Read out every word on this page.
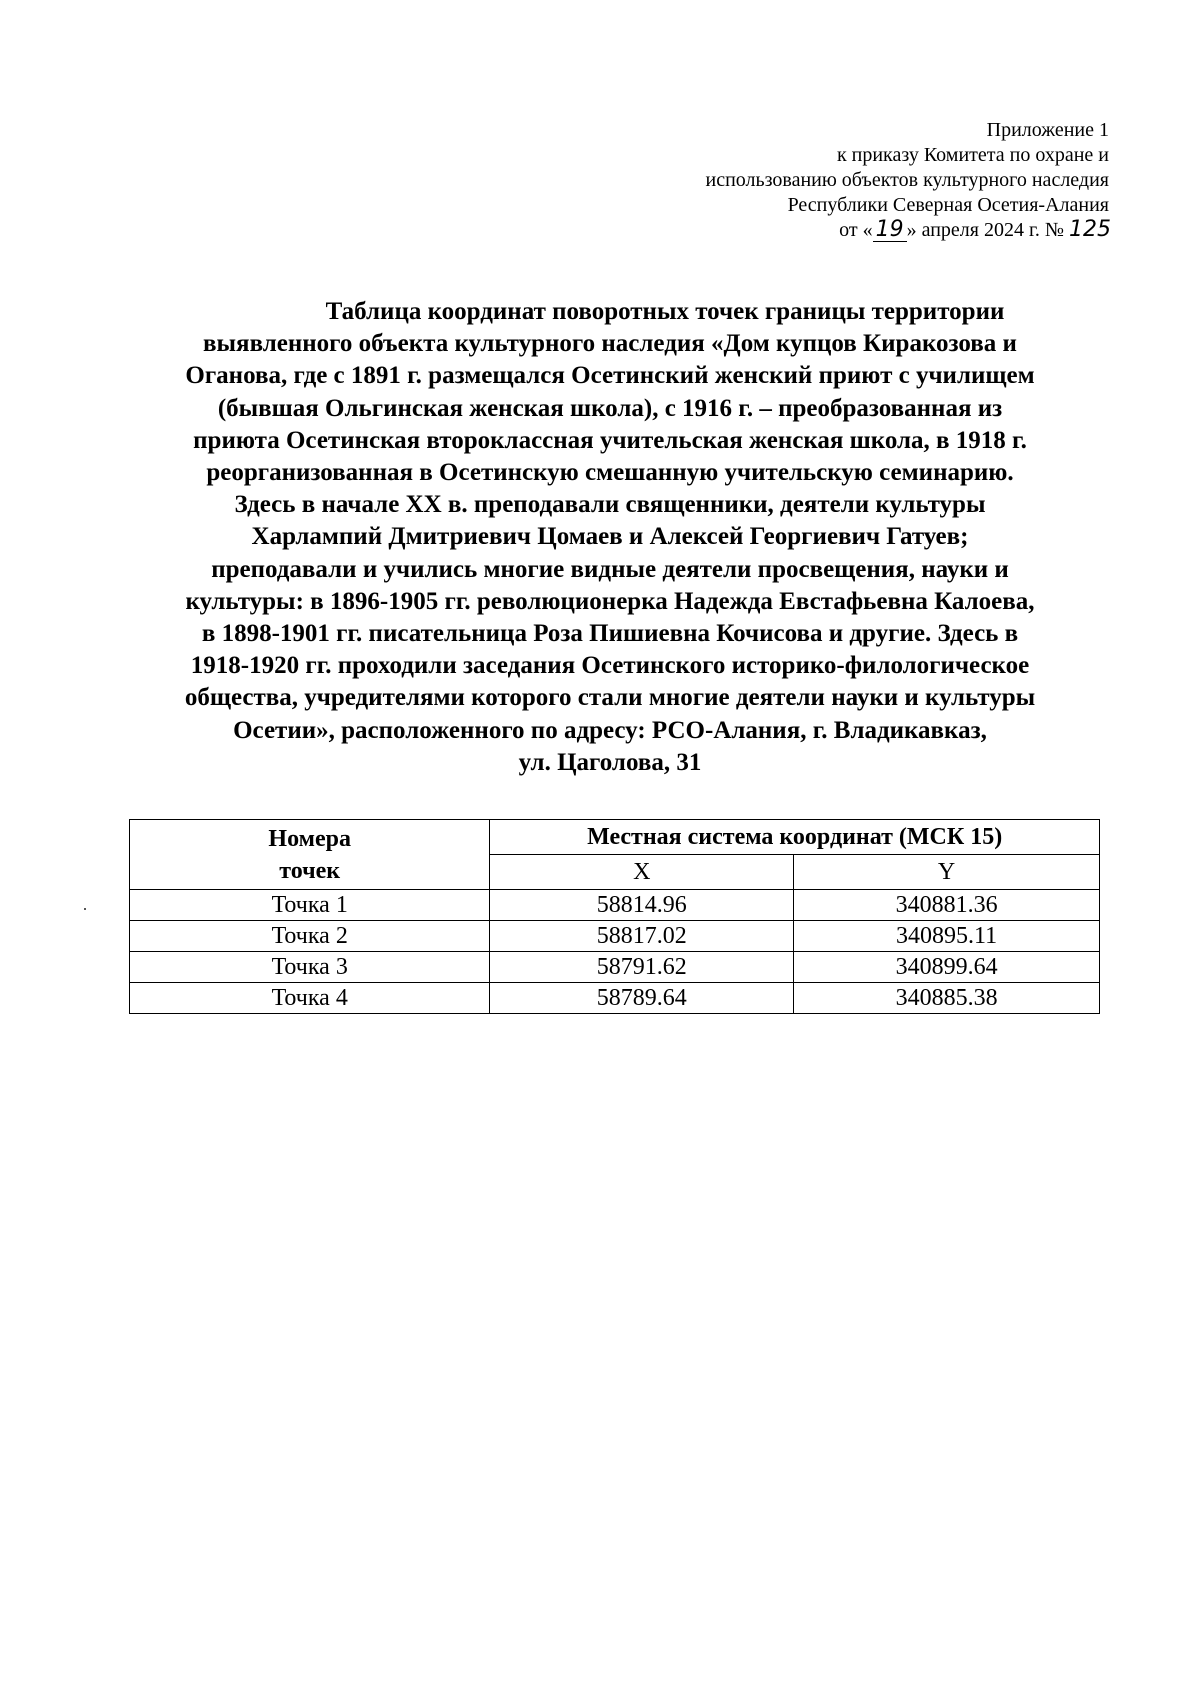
Приложение 1
к приказу Комитета по охране и
использованию объектов культурного наследия
Республики Северная Осетия-Алания
от « 19 » апреля 2024 г. № 125
Таблица координат поворотных точек границы территории
выявленного объекта культурного наследия «Дом купцов Киракозова и
Оганова, где с 1891 г. размещался Осетинский женский приют с училищем
(бывшая Ольгинская женская школа), с 1916 г. – преобразованная из
приюта Осетинская второклассная учительская женская школа, в 1918 г.
реорганизованная в Осетинскую смешанную учительскую семинарию.
Здесь в начале XX в. преподавали священники, деятели культуры
Харлампий Дмитриевич Цомаев и Алексей Георгиевич Гатуев;
преподавали и учились многие видные деятели просвещения, науки и
культуры: в 1896-1905 гг. революционерка Надежда Евстафьевна Калоева,
в 1898-1901 гг. писательница Роза Пишиевна Кочисова и другие. Здесь в
1918-1920 гг. проходили заседания Осетинского историко-филологическое
общества, учредителями которого стали многие деятели науки и культуры
Осетии», расположенного по адресу: РСО-Алания, г. Владикавказ,
ул. Цаголова, 31
Номера
точек	Местная система координат (МСК 15)	
	X	Y
Точка 1	58814.96	340881.36
Точка 2	58817.02	340895.11
Точка 3	58791.62	340899.64
Точка 4	58789.64	340885.38
